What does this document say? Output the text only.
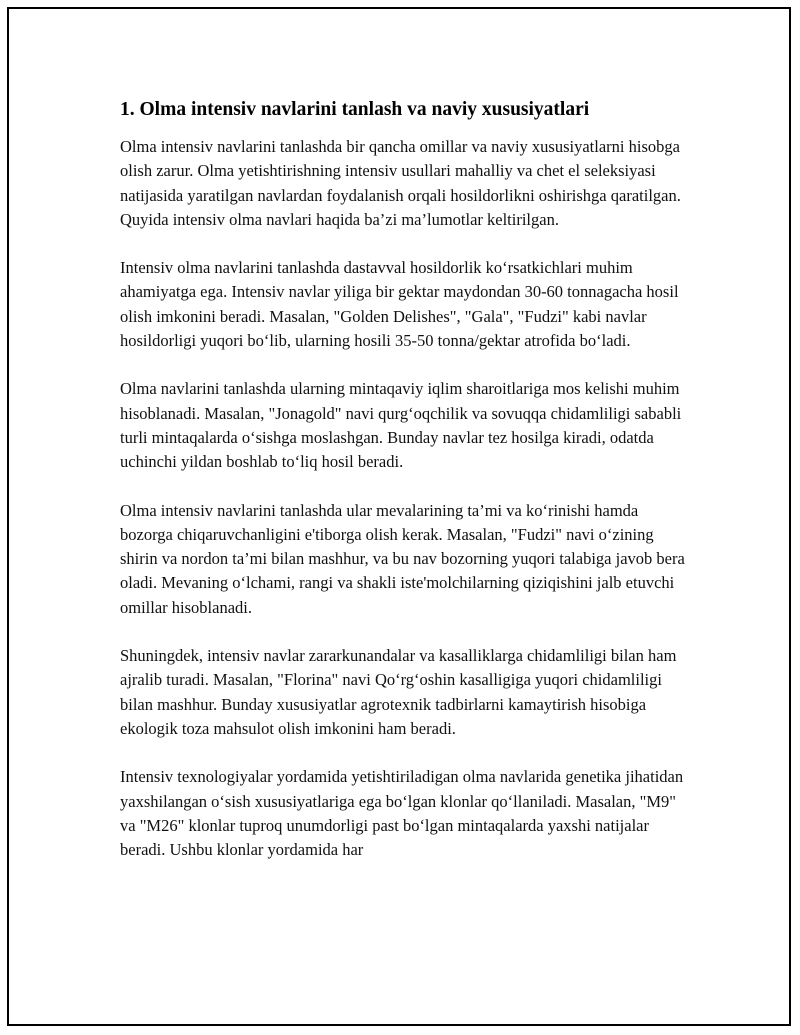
1. Olma intensiv navlarini tanlash va naviy xususiyatlari

Olma intensiv navlarini tanlashda bir qancha omillar va naviy xususiyatlarni hisobga olish zarur. Olma yetishtirishning intensiv usullari mahalliy va chet el seleksiyasi natijasida yaratilgan navlardan foydalanish orqali hosildorlikni oshirishga qaratilgan. Quyida intensiv olma navlari haqida ba’zi ma’lumotlar keltirilgan.

Intensiv olma navlarini tanlashda dastavval hosildorlik ko‘rsatkichlari muhim ahamiyatga ega. Intensiv navlar yiliga bir gektar maydondan 30-60 tonnagacha hosil olish imkonini beradi. Masalan, "Golden Delishes", "Gala", "Fudzi" kabi navlar hosildorligi yuqori bo‘lib, ularning hosili 35-50 tonna/gektar atrofida bo‘ladi.

Olma navlarini tanlashda ularning mintaqaviy iqlim sharoitlariga mos kelishi muhim hisoblanadi. Masalan, "Jonagold" navi qurg‘oqchilik va sovuqqa chidamliligi sababli turli mintaqalarda o‘sishga moslashgan. Bunday navlar tez hosilga kiradi, odatda uchinchi yildan boshlab to‘liq hosil beradi.

Olma intensiv navlarini tanlashda ular mevalarining ta’mi va ko‘rinishi hamda bozorga chiqaruvchanligini e'tiborga olish kerak. Masalan, "Fudzi" navi o‘zining shirin va nordon ta’mi bilan mashhur, va bu nav bozorning yuqori talabiga javob bera oladi. Mevaning o‘lchami, rangi va shakli iste'molchilarning qiziqishini jalb etuvchi omillar hisoblanadi.

Shuningdek, intensiv navlar zararkunandalar va kasalliklarga chidamliligi bilan ham ajralib turadi. Masalan, "Florina" navi Qo‘rg‘oshin kasalligiga yuqori chidamliligi bilan mashhur. Bunday xususiyatlar agrotexnik tadbirlarni kamaytirish hisobiga ekologik toza mahsulot olish imkonini ham beradi.

Intensiv texnologiyalar yordamida yetishtiriladigan olma navlarida genetika jihatidan yaxshilangan o‘sish xususiyatlariga ega bo‘lgan klonlar qo‘llaniladi. Masalan, "M9" va "M26" klonlar tuproq unumdorligi past bo‘lgan mintaqalarda yaxshi natijalar beradi. Ushbu klonlar yordamida har
